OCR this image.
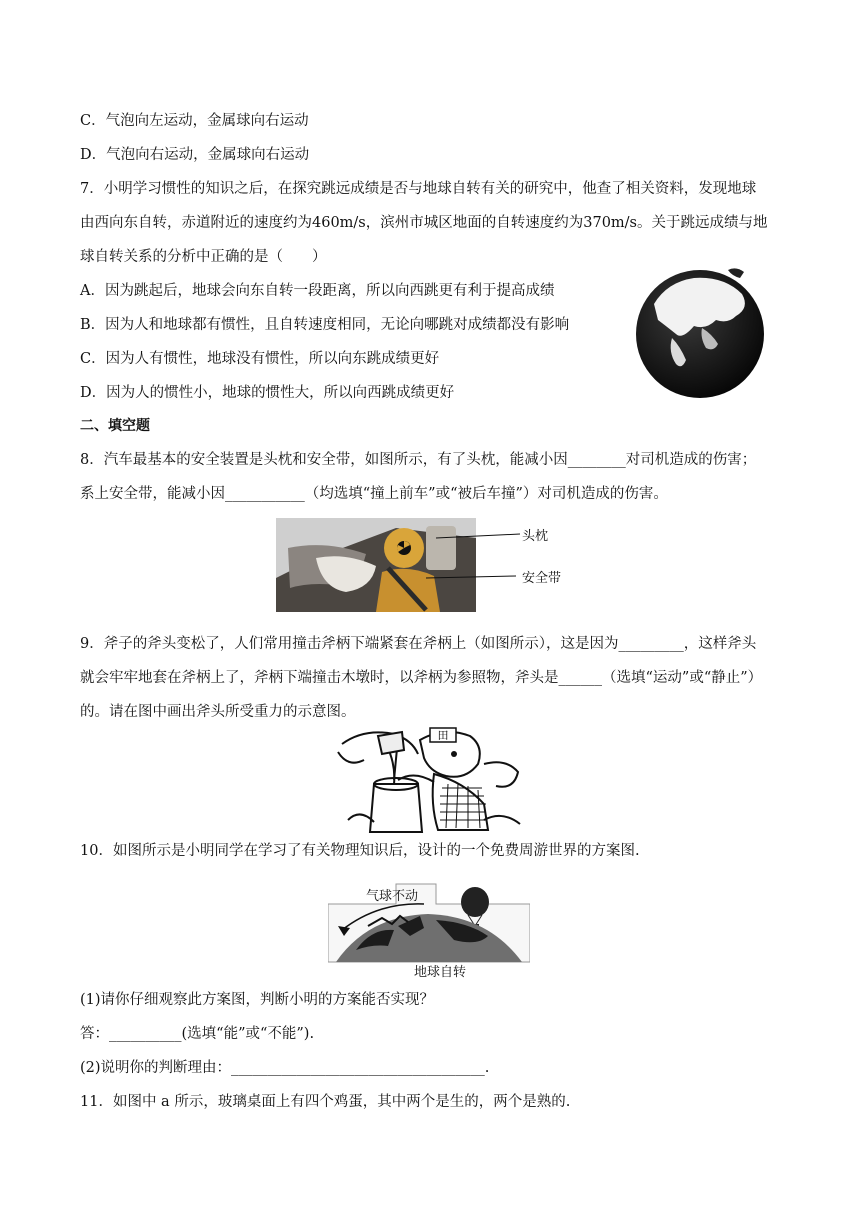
C．气泡向左运动，金属球向右运动
D．气泡向右运动，金属球向右运动
7．小明学习惯性的知识之后，在探究跳远成绩是否与地球自转有关的研究中，他查了相关资料，发现地球
由西向东自转，赤道附近的速度约为460m/s，滨州市城区地面的自转速度约为370m/s。关于跳远成绩与地
球自转关系的分析中正确的是（　　）
A．因为跳起后，地球会向东自转一段距离，所以向西跳更有利于提高成绩
B．因为人和地球都有惯性，且自转速度相同，无论向哪跳对成绩都没有影响
C．因为人有惯性，地球没有惯性，所以向东跳成绩更好
D．因为人的惯性小，地球的惯性大，所以向西跳成绩更好
二、填空题
8．汽车最基本的安全装置是头枕和安全带，如图所示，有了头枕，能减小因________对司机造成的伤害；
系上安全带，能减小因___________（均选填“撞上前车”或“被后车撞”）对司机造成的伤害。
头枕
安全带
9．斧子的斧头变松了，人们常用撞击斧柄下端紧套在斧柄上（如图所示），这是因为_________，这样斧头
就会牢牢地套在斧柄上了，斧柄下端撞击木墩时，以斧柄为参照物，斧头是______（选填“运动”或“静止”）
的。请在图中画出斧头所受重力的示意图。
田
10．如图所示是小明同学在学习了有关物理知识后，设计的一个免费周游世界的方案图.
气球不动
地球自转
(1)请你仔细观察此方案图，判断小明的方案能否实现？
答：__________(选填“能”或“不能”).
(2)说明你的判断理由：___________________________________.
11．如图中 a 所示，玻璃桌面上有四个鸡蛋，其中两个是生的，两个是熟的.
